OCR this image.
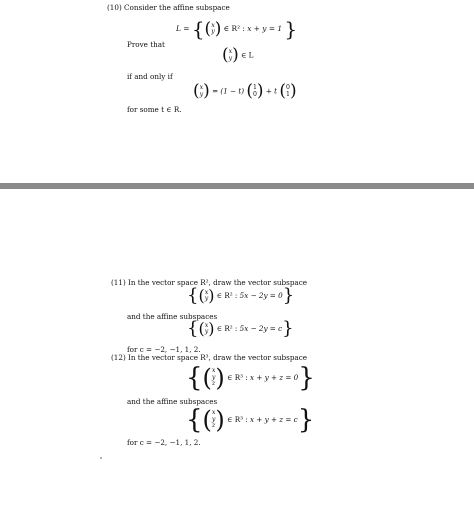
(10) Consider the affine subspace
L = {(x
y) ∈ R² : x + y = 1 }
Prove that
(x
y) ∈ L
if and only if
(x
y) = (1 − t) (1
0) + t (0
1)
for some t ∈ R.
(11) In the vector space R², draw the vector subspace
{(x
y) ∈ R² : 5x − 2y = 0}
and the affine subspaces
{(x
y) ∈ R² : 5x − 2y = c}
for c = −2, −1, 1, 2.
(12) In the vector space R³, draw the vector subspace
{(x
y
z) ∈ R³ : x + y + z = 0}
and the affine subspaces
{(x
y
z) ∈ R³ : x + y + z = c}
for c = −2, −1, 1, 2.
